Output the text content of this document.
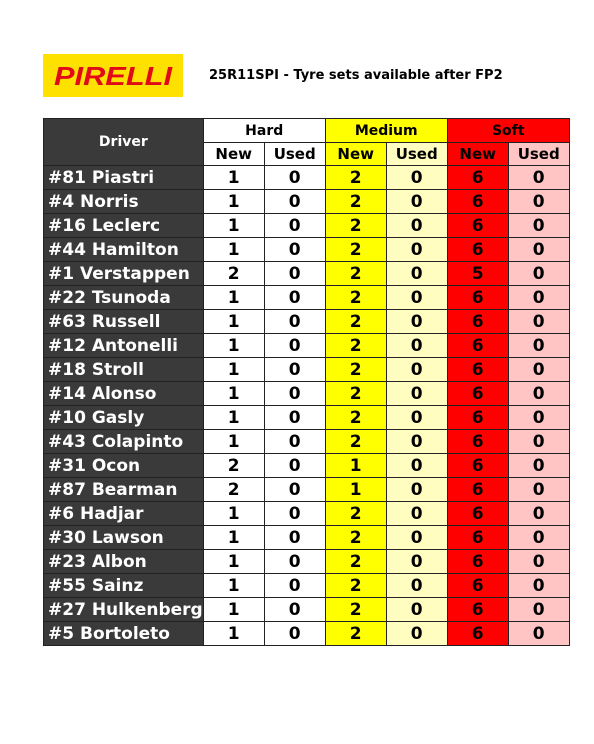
PIRELLI	25R11SPI - Tyre sets available after FP2
Driver	Hard		Medium		Soft	
	New	Used	New	Used	New	Used
#81 Piastri	1	0	2	0	6	0
#4 Norris	1	0	2	0	6	0
#16 Leclerc	1	0	2	0	6	0
#44 Hamilton	1	0	2	0	6	0
#1 Verstappen	2	0	2	0	5	0
#22 Tsunoda	1	0	2	0	6	0
#63 Russell	1	0	2	0	6	0
#12 Antonelli	1	0	2	0	6	0
#18 Stroll	1	0	2	0	6	0
#14 Alonso	1	0	2	0	6	0
#10 Gasly	1	0	2	0	6	0
#43 Colapinto	1	0	2	0	6	0
#31 Ocon	2	0	1	0	6	0
#87 Bearman	2	0	1	0	6	0
#6 Hadjar	1	0	2	0	6	0
#30 Lawson	1	0	2	0	6	0
#23 Albon	1	0	2	0	6	0
#55 Sainz	1	0	2	0	6	0
#27 Hulkenberg	1	0	2	0	6	0
#5 Bortoleto	1	0	2	0	6	0
